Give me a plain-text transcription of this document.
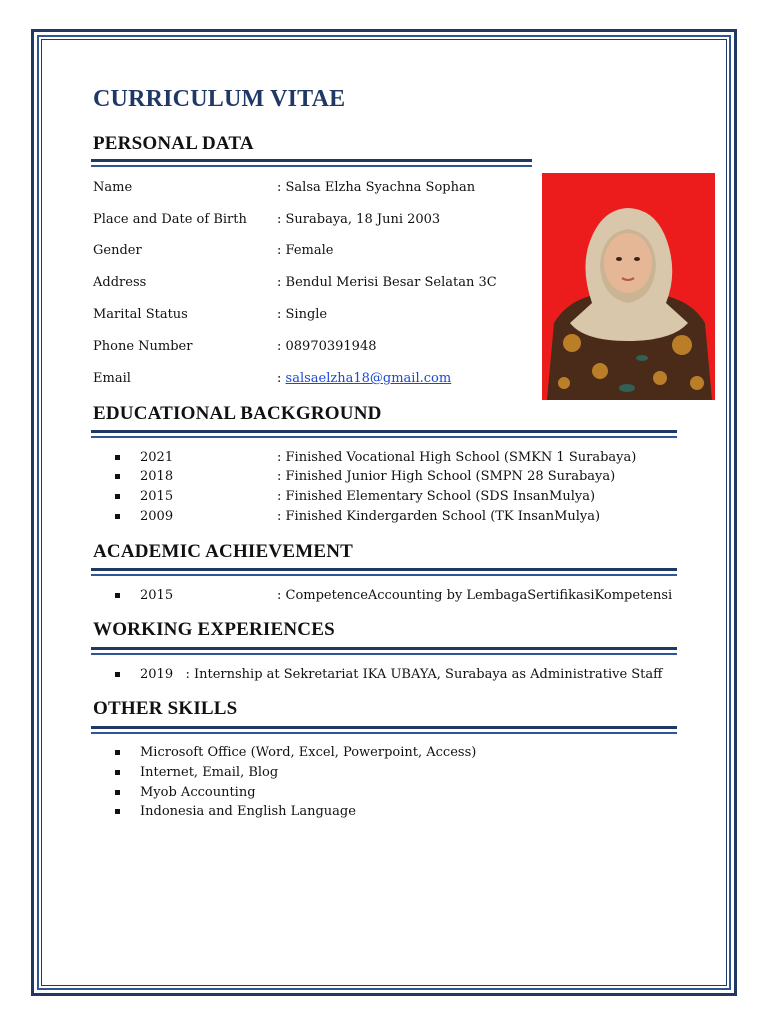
CURRICULUM VITAE
PERSONAL DATA
Name	: Salsa Elzha Syachna Sophan
Place and Date of Birth : Surabaya, 18 Juni 2003
Gender	: Female
Address	: Bendul Merisi Besar Selatan 3C
Marital Status	: Single
Phone Number	: 08970391948
Email	: salsaelzha18@gmail.com
EDUCATIONAL BACKGROUND
2021	: Finished Vocational High School (SMKN 1 Surabaya)
2018	: Finished Junior High School (SMPN 28 Surabaya)
2015	: Finished Elementary School (SDS InsanMulya)
2009	: Finished Kindergarden School (TK InsanMulya)
ACADEMIC ACHIEVEMENT
2015	: CompetenceAccounting by LembagaSertifikasiKompetensi
WORKING EXPERIENCES
2019   : Internship at Sekretariat IKA UBAYA, Surabaya as Administrative Staff
OTHER SKILLS
Microsoft Office (Word, Excel, Powerpoint, Access)
Internet, Email, Blog
Myob Accounting
Indonesia and English Language
